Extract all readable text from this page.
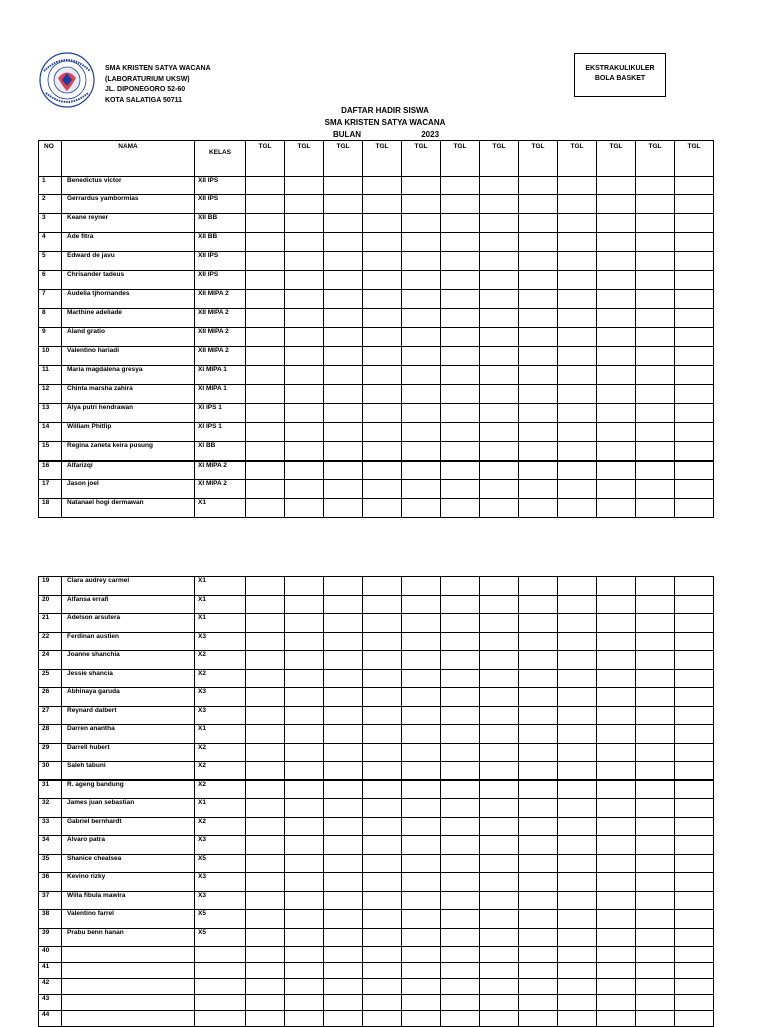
SMA KRISTEN SATYA WACANA
(LABORATURIUM UKSW)
JL. DIPONEGORO 52-60
KOTA SALATIGA 50711
EKSTRAKULIKULER
BOLA BASKET
DAFTAR HADIR SISWA
SMA KRISTEN SATYA WACANA
BULAN	2023
NO	NAMA	KELAS	TGL	TGL	TGL	TGL	TGL	TGL	TGL	TGL	TGL	TGL	TGL	TGL
1	Benedictus victor	XII IPS												
2	Gerrardus yambormias	XII IPS												
3	Keane reyner	XII BB												
4	Ade fitra	XII BB												
5	Edward de javu	XII IPS												
6	Chrisander tadeus	XII IPS												
7	Audelia tjhornandes	XII MIPA 2												
8	Marthine adeliade	XII MIPA 2												
9	Aland gratio	XII MIPA 2												
10	Valentino hariadi	XII MIPA 2												
11	Maria magdalena gresya	XI MIPA 1												
12	Chinta marsha zahira	XI MIPA 1												
13	Alya putri hendrawan	XI IPS 1												
14	William Phitlip	XI IPS 1												
15	Regina zaneta keira pusung	XI BB												
16	Alfarizqi	XI MIPA 2												
17	Jason joel	XI MIPA 2												
18	Natanael hogi dermawan	X1												
19	Clara audrey carmel	X1												
20	Alfansa errafi	X1												
21	Adelson arsutera	X1												
22	Ferdinan austien	X3												
24	Joanne shanchia	X2												
25	Jessie shancia	X2												
26	Abhinaya garuda	X3												
27	Reynard dalbert	X3												
28	Darren anantha	X1												
29	Darrell hubert	X2												
30	Saleh tabuni	X2												
31	R. ageng bandung	X2												
32	James juan sebastian	X1												
33	Gabriel bernhardt	X2												
34	Alvaro patra	X3												
35	Shanice chealsea	X5												
36	Kevino rizky	X3												
37	Willa fibula mawira	X3												
38	Valentino farrel	X5												
39	Prabu benn hanan	X5												
40														
41														
42														
43														
44														
